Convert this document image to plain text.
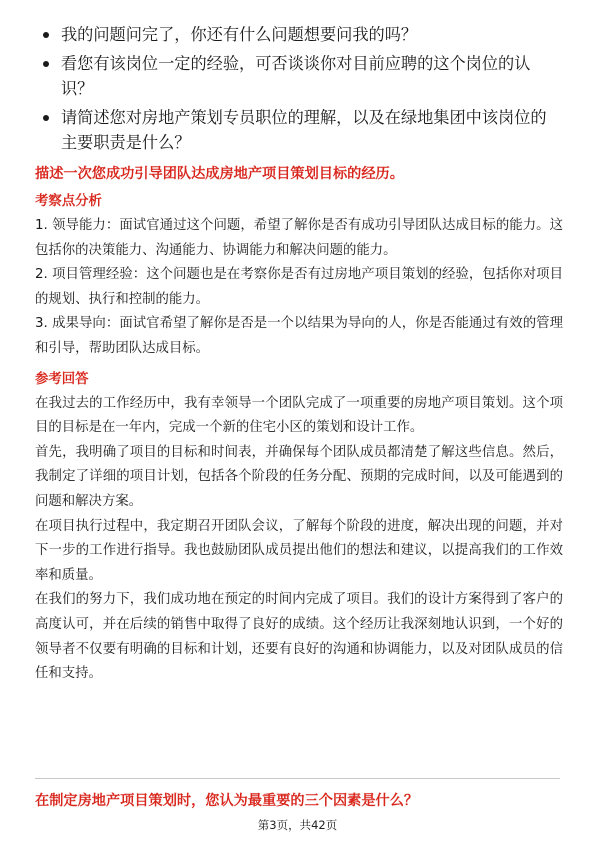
我的问题问完了，你还有什么问题想要问我的吗？
看您有该岗位一定的经验，可否谈谈你对目前应聘的这个岗位的认识？
请简述您对房地产策划专员职位的理解，以及在绿地集团中该岗位的主要职责是什么？

描述一次您成功引导团队达成房地产项目策划目标的经历。

考察点分析

1. 领导能力：面试官通过这个问题，希望了解你是否有成功引导团队达成目标的能力。这包括你的决策能力、沟通能力、协调能力和解决问题的能力。

2. 项目管理经验：这个问题也是在考察你是否有过房地产项目策划的经验，包括你对项目的规划、执行和控制的能力。

3. 成果导向：面试官希望了解你是否是一个以结果为导向的人，你是否能通过有效的管理和引导，帮助团队达成目标。

参考回答

在我过去的工作经历中，我有幸领导一个团队完成了一项重要的房地产项目策划。这个项目的目标是在一年内，完成一个新的住宅小区的策划和设计工作。

首先，我明确了项目的目标和时间表，并确保每个团队成员都清楚了解这些信息。然后，我制定了详细的项目计划，包括各个阶段的任务分配、预期的完成时间，以及可能遇到的问题和解决方案。

在项目执行过程中，我定期召开团队会议，了解每个阶段的进度，解决出现的问题，并对下一步的工作进行指导。我也鼓励团队成员提出他们的想法和建议，以提高我们的工作效率和质量。

在我们的努力下，我们成功地在预定的时间内完成了项目。我们的设计方案得到了客户的高度认可，并在后续的销售中取得了良好的成绩。这个经历让我深刻地认识到，一个好的领导者不仅要有明确的目标和计划，还要有良好的沟通和协调能力，以及对团队成员的信任和支持。

在制定房地产项目策划时，您认为最重要的三个因素是什么？

第3页，共42页
